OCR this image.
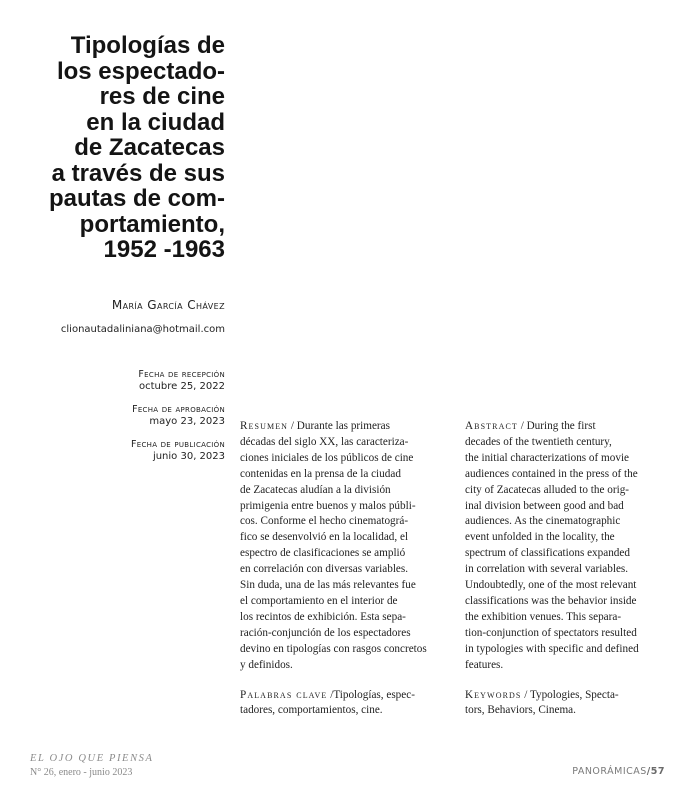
Tipologías de
los espectado-
res de cine
en la ciudad
de Zacatecas
a través de sus
pautas de com-
portamiento,
1952 -1963
María García Chávez
clionautadaliniana@hotmail.com
Fecha de recepción
octubre 25, 2022
Fecha de aprobación
mayo 23, 2023
Fecha de publicación
junio 30, 2023
Resumen / Durante las primeras
décadas del siglo XX, las caracteriza-
ciones iniciales de los públicos de cine
contenidas en la prensa de la ciudad
de Zacatecas aludían a la división
primigenia entre buenos y malos públi-
cos. Conforme el hecho cinematográ-
fico se desenvolvió en la localidad, el
espectro de clasificaciones se amplió
en correlación con diversas variables.
Sin duda, una de las más relevantes fue
el comportamiento en el interior de
los recintos de exhibición. Esta sepa-
ración-conjunción de los espectadores
devino en tipologías con rasgos concretos
y definidos.
Palabras clave /Tipologías, espec-
tadores, comportamientos, cine.
Abstract / During the first
decades of the twentieth century,
the initial characterizations of movie
audiences contained in the press of the
city of Zacatecas alluded to the orig-
inal division between good and bad
audiences. As the cinematographic
event unfolded in the locality, the
spectrum of classifications expanded
in correlation with several variables.
Undoubtedly, one of the most relevant
classifications was the behavior inside
the exhibition venues. This separa-
tion-conjunction of spectators resulted
in typologies with specific and defined
features.
Keywords / Typologies, Specta-
tors, Behaviors, Cinema.
EL OJO QUE PIENSA
N° 26, enero - junio 2023	PANORÁMICAS/57
